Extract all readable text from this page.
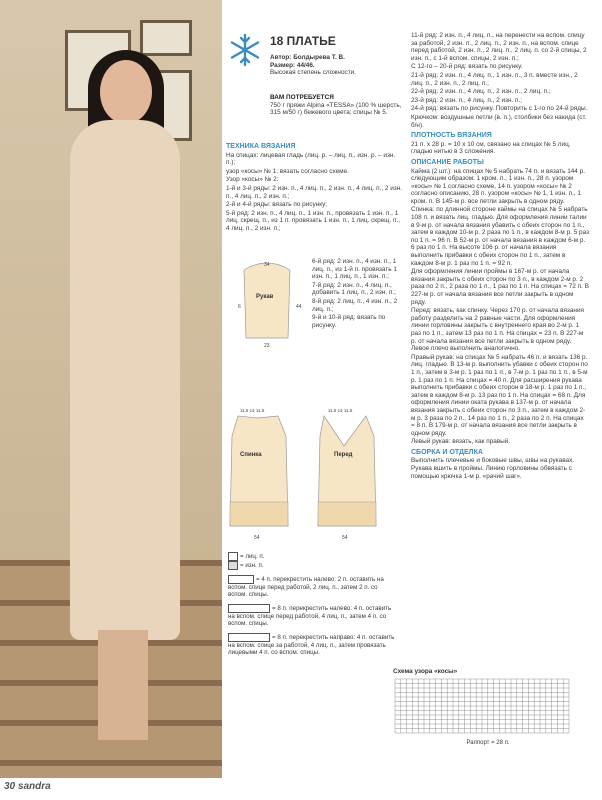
18 ПЛАТЬЕ
Автор: Болдырева Т. В.
Размер: 44/46.
Высокая степень сложности.
ВАМ ПОТРЕБУЕТСЯ
750 г пряжи Alpina «TESSA» (100 % шерсть, 315 м/50 г) бежевого цвета; спицы № 5.

ТЕХНИКА ВЯЗАНИЯ

На спицах: лицевая гладь (лиц. р. – лиц. п., изн. р. – изн. п.);

узор «косы» № 1: вязать согласно схеме.

Узор «косы» № 2:

1-й и 3-й ряды: 2 изн. п., 4 лиц. п., 2 изн. п., 4 лиц. п., 2 изн. п., 4 лиц. п., 2 изн. п.;

2-й и 4-й ряды: вязать по рисунку;

5-й ряд: 2 изн. п., 4 лиц. п., 1 изн. п., провязать 1 изн. п., 1 лиц. скрещ. п., из 1 п. провязать 1 изн. п., 1 лиц. скрещ. п., 4 лиц. п., 2 изн. п.;

6-й ряд: 2 изн. п., 4 изн. п., 1 лиц. п., из 1-й п. провязать 1 изн. п., 1 лиц. п., 1 изн. п.;

7-й ряд: 2 изн. п., 4 лиц. п., добавить 1 лиц. п., 2 изн. п.;

8-й ряд: 2 лиц. п., 4 изн. п., 2 лиц. п.;

9-й и 10-й ряд: вязать по рисунку.

34
44
6
23
Рукав
11.5 14 11.5	11.5 14 11.5
Спинка	Перед
54	54
= лиц. п.
= изн. п.
= 4 п. перекрестить налево: 2 п. оставить на вспом. спице перед работой, 2 лиц. п., затем 2 п. со вспом. спицы.
= 8 п. перекрестить налево: 4 п. оставить на вспом. спице перед работой, 4 лиц. п., затем 4 п. со вспом. спицы.
= 8 п. перекрестить направо: 4 п. оставить на вспом. спице за работой, 4 лиц. п., затем провязать лицевыми 4 п. со вспом. спицы.

11-й ряд: 2 изн. п., 4 лиц. п., на перенести на вспом. спицу за работой, 2 изн. п., 2 лиц. п., 2 изн. п., на вспом. спице перед работой, 2 изн. п., 2 лиц. п., 2 лиц. п. со 2-й спицы, 2 изн. п., с 1-й вспом. спицы, 2 изн. п.;

С 12-го – 20-й ряд: вязать по рисунку.

21-й ряд: 2 изн. п., 4 лиц. п., 1 изн. п., 3 п. вместе изн., 2 лиц. п., 2 изн. п., 2 лиц. п.;

22-й ряд: 2 изн. п., 4 лиц. п., 2 изн. п., 2 лиц. п.;

23-й ряд: 2 изн. п., 4 лиц. п., 2 изн. п.;

24-й ряд: вязать по рисунку. Повторить с 1-го по 24-й ряды.

Крючком: воздушные петли (в. п.), столбики без накида (ст. б/н).

ПЛОТНОСТЬ ВЯЗАНИЯ

21 п. х 28 р. = 10 х 10 см, связано на спицах № 5 лиц. гладью нитью в 3 сложения.

ОПИСАНИЕ РАБОТЫ

Кайма (2 шт.): на спицах № 5 набрать 74 п. и вязать 144 р. следующим образом: 1 кром. п., 1 изн. п., 28 п. узором «косы» № 1 согласно схеме, 14 п. узором «косы» № 2 согласно описанию, 28 п. узором «косы» № 1, 1 изн. п., 1 кром. п. В 145-м р. все петли закрыть в одном ряду.

Спинка: по длинной стороне каймы на спицах № 5 набрать 108 п. и вязать лиц. гладью. Для оформления линии талии в 9-м р. от начала вязания убавить с обеих сторон по 1 п., затем в каждом 10-м р. 2 раза по 1 п., в каждом 8-м р. 5 раз по 1 п. = 96 п. В 52-м р. от начала вязания в каждом 6-м р. 6 раз по 1 п. На высоте 106 р. от начала вязания выполнить прибавки с обеих сторон по 1 п., затем в каждом 8-м р. 1 раз по 1 п. = 92 п.

Для оформления линии проймы в 167-м р. от начала вязания закрыть с обеих сторон по 3 п., в каждом 2-м р. 2 раза по 2 п., 2 раза по 1 п., 1 раз по 1 п. На спицах = 72 п. В 227-м р. от начала вязания все петли закрыть в одном ряду.

Перед: вязать, как спинку. Через 170 р. от начала вязания работу разделить на 2 равные части. Для оформления линии горловины закрыть с внутреннего края во 2-м р. 1 раз по 1 п., затем 13 раз по 1 п. На спицах = 23 п. В 227-м р. от начала вязания все петли закрыть в одном ряду. Левое плечо выполнить аналогично.

Правый рукав: на спицах № 5 набрать 46 п. и вязать 136 р. лиц. гладью. В 13-м р. выполнить убавки с обеих сторон по 1 п., затем в 3-м р. 1 раз по 1 п., в 7-м р. 1 раз по 1 п., в 5-м р. 1 раз по 1 п. На спицах = 40 п. Для расширения рукава выполнить прибавки с обеих сторон в 18-м р. 1 раз по 1 п., затем в каждом 8-м р. 13 раз по 1 п. На спицах = 68 п. Для оформления линии оката рукава в 137-м р. от начала вязания закрыть с обеих сторон по 3 п., затем в каждом 2-м р. 3 раза по 2 п., 14 раз по 1 п., 2 раза по 2 п. На спицах = 8 п. В 179-м р. от начала вязания все петли закрыть в одном ряду.

Левый рукав: вязать, как правый.

СБОРКА И ОТДЕЛКА

Выполнить плечевые и боковые швы, швы на рукавах. Рукава вшить в проймы. Линию горловины обвязать с помощью крючка 1-м р. «рачий шаг».

Схема узора «косы»
Раппорт = 28 п.
30 sandra
